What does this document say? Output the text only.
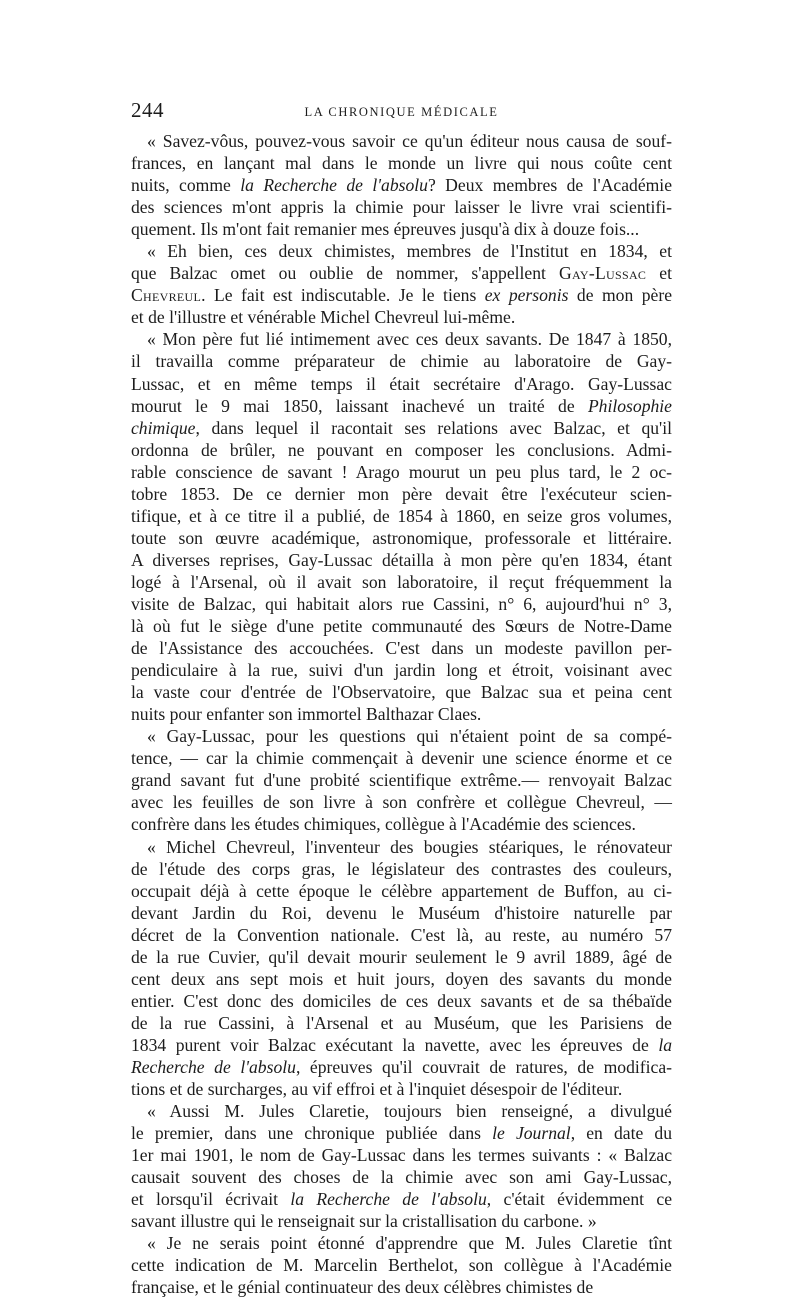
244	LA CHRONIQUE MÉDICALE
« Savez-vôus, pouvez-vous savoir ce qu'un éditeur nous causa de souf-
frances, en lançant mal dans le monde un livre qui nous coûte cent
nuits, comme la Recherche de l'absolu? Deux membres de l'Académie
des sciences m'ont appris la chimie pour laisser le livre vrai scientifi-
quement. Ils m'ont fait remanier mes épreuves jusqu'à dix à douze fois...
« Eh bien, ces deux chimistes, membres de l'Institut en 1834, et
que Balzac omet ou oublie de nommer, s'appellent Gay-Lussac et
Chevreul. Le fait est indiscutable. Je le tiens ex personis de mon père
et de l'illustre et vénérable Michel Chevreul lui-même.
« Mon père fut lié intimement avec ces deux savants. De 1847 à 1850,
il travailla comme préparateur de chimie au laboratoire de Gay-
Lussac, et en même temps il était secrétaire d'Arago. Gay-Lussac
mourut le 9 mai 1850, laissant inachevé un traité de Philosophie
chimique, dans lequel il racontait ses relations avec Balzac, et qu'il
ordonna de brûler, ne pouvant en composer les conclusions. Admi-
rable conscience de savant ! Arago mourut un peu plus tard, le 2 oc-
tobre 1853. De ce dernier mon père devait être l'exécuteur scien-
tifique, et à ce titre il a publié, de 1854 à 1860, en seize gros volumes,
toute son œuvre académique, astronomique, professorale et littéraire.
A diverses reprises, Gay-Lussac détailla à mon père qu'en 1834, étant
logé à l'Arsenal, où il avait son laboratoire, il reçut fréquemment la
visite de Balzac, qui habitait alors rue Cassini, n° 6, aujourd'hui n° 3,
là où fut le siège d'une petite communauté des Sœurs de Notre-Dame
de l'Assistance des accouchées. C'est dans un modeste pavillon per-
pendiculaire à la rue, suivi d'un jardin long et étroit, voisinant avec
la vaste cour d'entrée de l'Observatoire, que Balzac sua et peina cent
nuits pour enfanter son immortel Balthazar Claes.
« Gay-Lussac, pour les questions qui n'étaient point de sa compé-
tence, — car la chimie commençait à devenir une science énorme et ce
grand savant fut d'une probité scientifique extrême.— renvoyait Balzac
avec les feuilles de son livre à son confrère et collègue Chevreul, —
confrère dans les études chimiques, collègue à l'Académie des sciences.
« Michel Chevreul, l'inventeur des bougies stéariques, le rénovateur
de l'étude des corps gras, le législateur des contrastes des couleurs,
occupait déjà à cette époque le célèbre appartement de Buffon, au ci-
devant Jardin du Roi, devenu le Muséum d'histoire naturelle par
décret de la Convention nationale. C'est là, au reste, au numéro 57
de la rue Cuvier, qu'il devait mourir seulement le 9 avril 1889, âgé de
cent deux ans sept mois et huit jours, doyen des savants du monde
entier. C'est donc des domiciles de ces deux savants et de sa thébaïde
de la rue Cassini, à l'Arsenal et au Muséum, que les Parisiens de
1834 purent voir Balzac exécutant la navette, avec les épreuves de la
Recherche de l'absolu, épreuves qu'il couvrait de ratures, de modifica-
tions et de surcharges, au vif effroi et à l'inquiet désespoir de l'éditeur.
« Aussi M. Jules Claretie, toujours bien renseigné, a divulgué
le premier, dans une chronique publiée dans le Journal, en date du
1er mai 1901, le nom de Gay-Lussac dans les termes suivants : « Balzac
causait souvent des choses de la chimie avec son ami Gay-Lussac,
et lorsqu'il écrivait la Recherche de l'absolu, c'était évidemment ce
savant illustre qui le renseignait sur la cristallisation du carbone. »
« Je ne serais point étonné d'apprendre que M. Jules Claretie tînt
cette indication de M. Marcelin Berthelot, son collègue à l'Académie
française, et le génial continuateur des deux célèbres chimistes de
